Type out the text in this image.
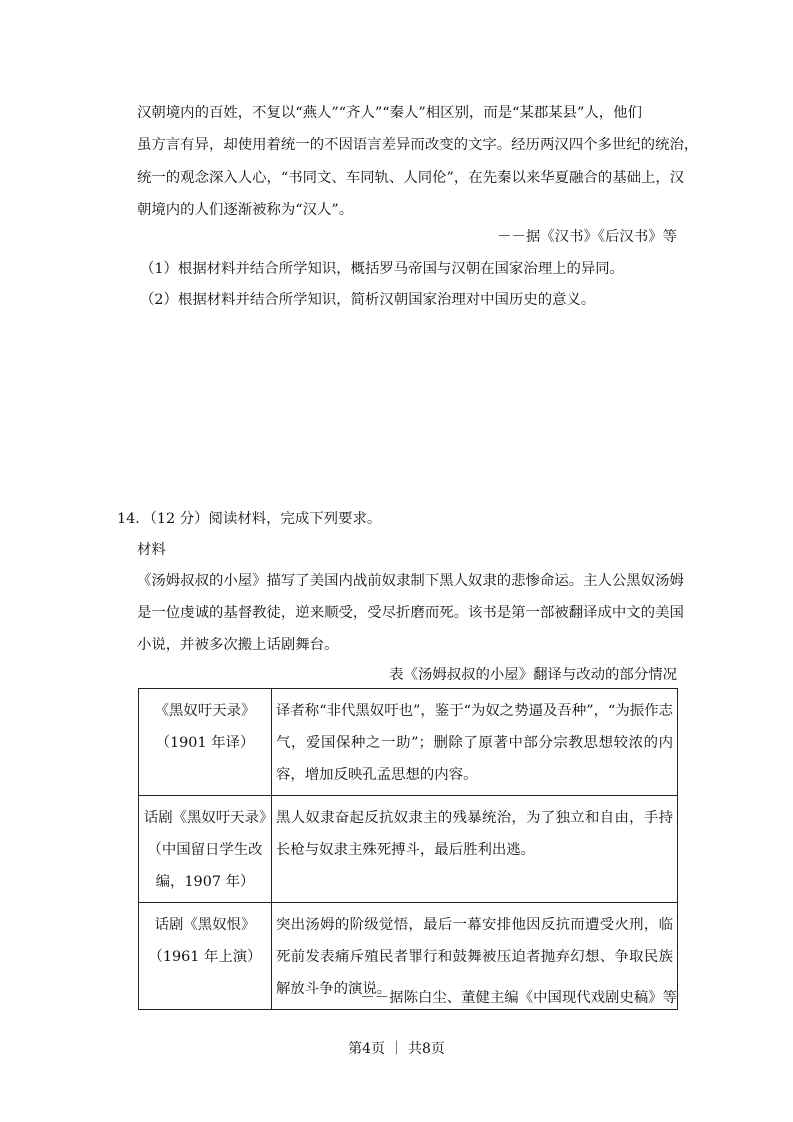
汉朝境内的百姓，不复以“燕人”“齐人”“秦人”相区别，而是“某郡某县”人，他们
虽方言有异，却使用着统一的不因语言差异而改变的文字。经历两汉四个多世纪的统治，
统一的观念深入人心，“书同文、车同轨、人同伦”，在先秦以来华夏融合的基础上，汉
朝境内的人们逐渐被称为“汉人”。
－－据《汉书》《后汉书》等
（1）根据材料并结合所学知识，概括罗马帝国与汉朝在国家治理上的异同。
（2）根据材料并结合所学知识，简析汉朝国家治理对中国历史的意义。
14．（12 分）阅读材料，完成下列要求。
材料
《汤姆叔叔的小屋》描写了美国内战前奴隶制下黑人奴隶的悲惨命运。主人公黑奴汤姆
是一位虔诚的基督教徒，逆来顺受，受尽折磨而死。该书是第一部被翻译成中文的美国
小说，并被多次搬上话剧舞台。
表《汤姆叔叔的小屋》翻译与改动的部分情况
《黑奴吁天录》（1901 年译）	译者称“非代黑奴吁也”，鉴于“为奴之势逼及吾种”，“为振作志气，爱国保种之一助”；删除了原著中部分宗教思想较浓的内容，增加反映孔孟思想的内容。
话剧《黑奴吁天录》（中国留日学生改编，1907 年）	黑人奴隶奋起反抗奴隶主的残暴统治，为了独立和自由，手持长枪与奴隶主殊死搏斗，最后胜利出逃。
话剧《黑奴恨》（1961 年上演）	突出汤姆的阶级觉悟，最后一幕安排他因反抗而遭受火刑，临死前发表痛斥殖民者罪行和鼓舞被压迫者抛弃幻想、争取民族解放斗争的演说。
－－据陈白尘、董健主编《中国现代戏剧史稿》等
第4页 ｜ 共8页
